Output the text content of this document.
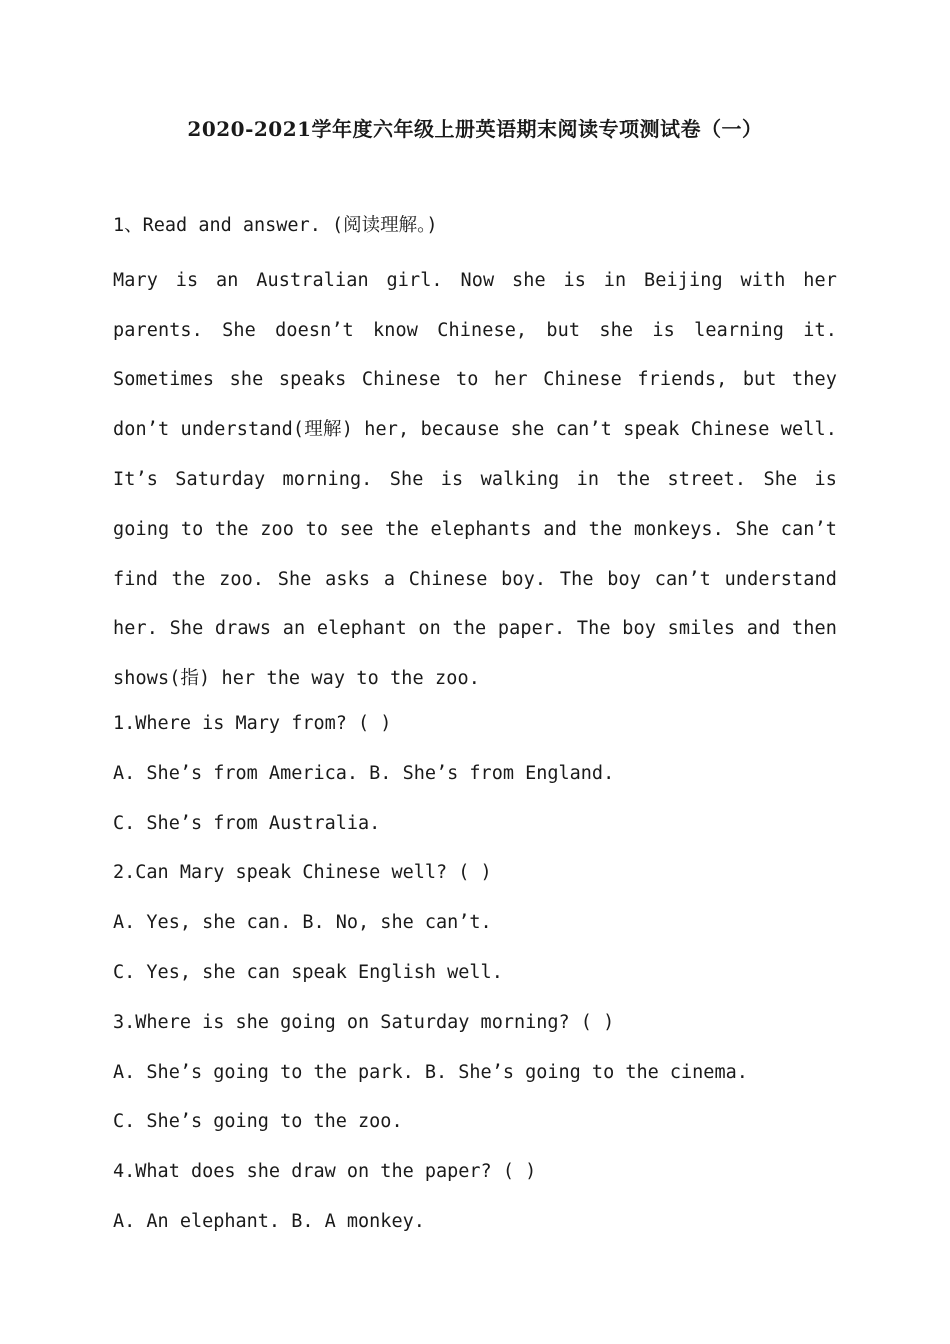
2020-2021学年度六年级上册英语期末阅读专项测试卷（一）
1、Read and answer. (阅读理解。)
Mary is an Australian girl. Now she is in Beijing with her parents. She doesn’t know Chinese, but she is learning it. Sometimes she speaks Chinese to her Chinese friends, but they don’t understand(理解) her, because she can’t speak Chinese well. It’s Saturday morning. She is walking in the street. She is going to the zoo to see the elephants and the monkeys. She can’t find the zoo. She asks a Chinese boy. The boy can’t understand her. She draws an elephant on the paper. The boy smiles and then shows(指) her the way to the zoo.
1.Where is Mary from? ( )
A. She’s from America. B. She’s from England.
C. She’s from Australia.
2.Can Mary speak Chinese well? ( )
A. Yes, she can. B. No, she can’t.
C. Yes, she can speak English well.
3.Where is she going on Saturday morning? ( )
A. She’s going to the park. B. She’s going to the cinema.
C. She’s going to the zoo.
4.What does she draw on the paper? ( )
A. An elephant. B. A monkey.
